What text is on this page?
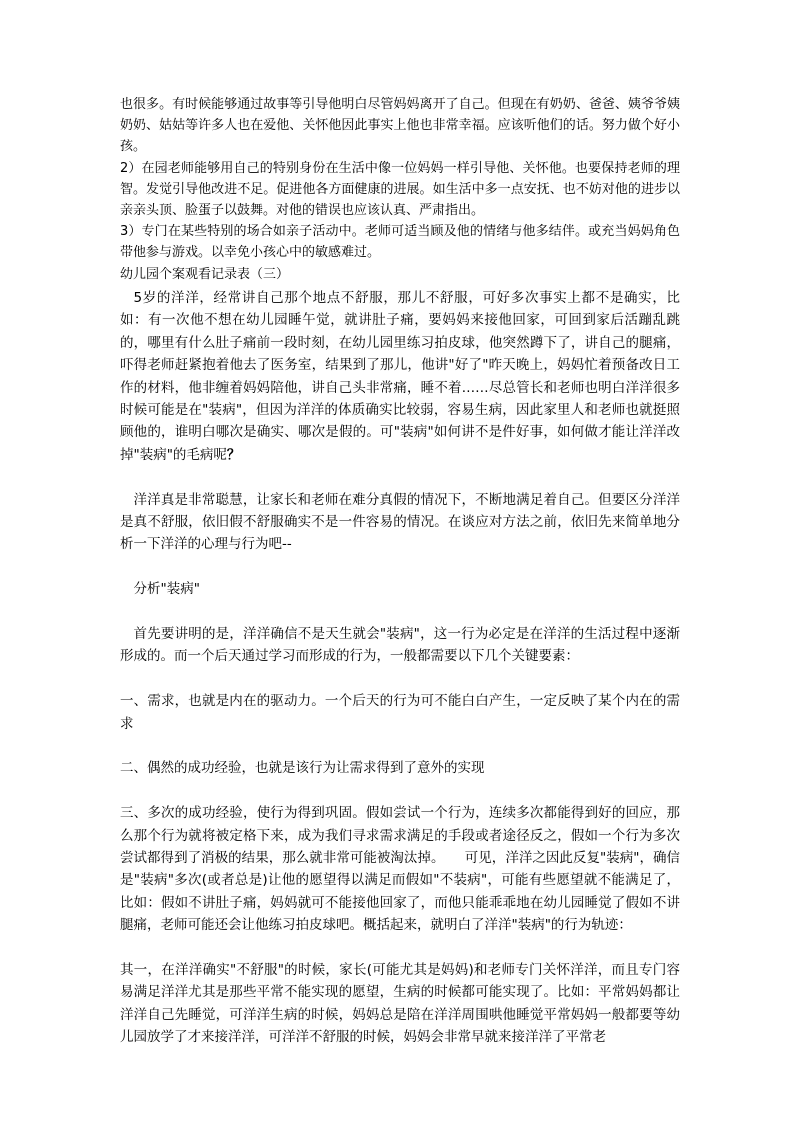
也很多。有时候能够通过故事等引导他明白尽管妈妈离开了自己。但现在有奶奶、爸爸、姨爷爷姨奶奶、姑姑等许多人也在爱他、关怀他因此事实上他也非常幸福。应该听他们的话。努力做个好小孩。

2）在园老师能够用自己的特别身份在生活中像一位妈妈一样引导他、关怀他。也要保持老师的理智。发觉引导他改进不足。促进他各方面健康的进展。如生活中多一点安抚、也不妨对他的进步以亲亲头顶、脸蛋子以鼓舞。对他的错误也应该认真、严肃指出。

3）专门在某些特别的场合如亲子活动中。老师可适当顾及他的情绪与他多结伴。或充当妈妈角色带他参与游戏。以幸免小孩心中的敏感难过。

幼儿园个案观看记录表（三）

5岁的洋洋，经常讲自己那个地点不舒服，那儿不舒服，可好多次事实上都不是确实，比如：有一次他不想在幼儿园睡午觉，就讲肚子痛，要妈妈来接他回家，可回到家后活蹦乱跳的，哪里有什么肚子痛前一段时刻，在幼儿园里练习拍皮球，他突然蹲下了，讲自己的腿痛，吓得老师赶紧抱着他去了医务室，结果到了那儿，他讲"好了"昨天晚上，妈妈忙着预备改日工作的材料，他非缠着妈妈陪他，讲自己头非常痛，睡不着……尽总管长和老师也明白洋洋很多时候可能是在"装病"，但因为洋洋的体质确实比较弱，容易生病，因此家里人和老师也就挺照顾他的，谁明白哪次是确实、哪次是假的。可"装病"如何讲不是件好事，如何做才能让洋洋改掉"装病"的毛病呢？

洋洋真是非常聪慧，让家长和老师在难分真假的情况下，不断地满足着自己。但要区分洋洋是真不舒服，依旧假不舒服确实不是一件容易的情况。在谈应对方法之前，依旧先来简单地分析一下洋洋的心理与行为吧--

分析"装病"

首先要讲明的是，洋洋确信不是天生就会"装病"，这一行为必定是在洋洋的生活过程中逐渐形成的。而一个后天通过学习而形成的行为，一般都需要以下几个关键要素：

一、需求，也就是内在的驱动力。一个后天的行为可不能白白产生，一定反映了某个内在的需求

二、偶然的成功经验，也就是该行为让需求得到了意外的实现

三、多次的成功经验，使行为得到巩固。假如尝试一个行为，连续多次都能得到好的回应，那么那个行为就将被定格下来，成为我们寻求需求满足的手段或者途径反之，假如一个行为多次尝试都得到了消极的结果，那么就非常可能被淘汰掉。　　可见，洋洋之因此反复"装病"，确信是"装病"多次(或者总是)让他的愿望得以满足而假如"不装病"，可能有些愿望就不能满足了，比如：假如不讲肚子痛，妈妈就可不能接他回家了，而他只能乖乖地在幼儿园睡觉了假如不讲腿痛，老师可能还会让他练习拍皮球吧。概括起来，就明白了洋洋"装病"的行为轨迹：

其一，在洋洋确实"不舒服"的时候，家长(可能尤其是妈妈)和老师专门关怀洋洋，而且专门容易满足洋洋尤其是那些平常不能实现的愿望，生病的时候都可能实现了。比如：平常妈妈都让洋洋自己先睡觉，可洋洋生病的时候，妈妈总是陪在洋洋周围哄他睡觉平常妈妈一般都要等幼儿园放学了才来接洋洋，可洋洋不舒服的时候，妈妈会非常早就来接洋洋了平常老
